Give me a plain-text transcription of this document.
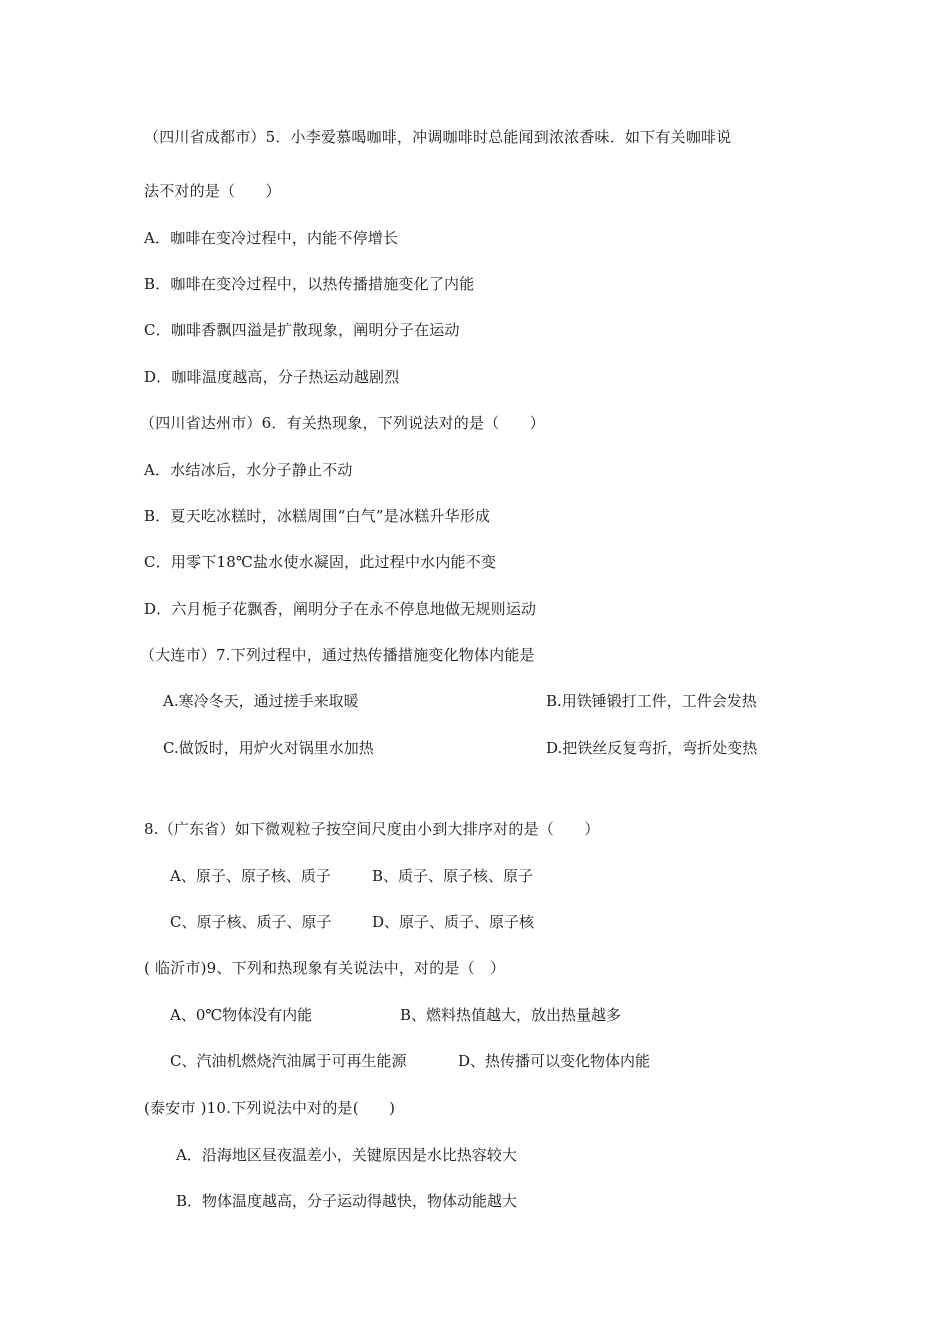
（四川省成都市）5．小李爱慕喝咖啡，冲调咖啡时总能闻到浓浓香味．如下有关咖啡说
法不对的是（　　）
A．咖啡在变冷过程中，内能不停增长
B．咖啡在变冷过程中，以热传播措施变化了内能
C．咖啡香飘四溢是扩散现象，阐明分子在运动
D．咖啡温度越高，分子热运动越剧烈
（四川省达州市）6．有关热现象，下列说法对的是（　　）
A．水结冰后，水分子静止不动
B．夏天吃冰糕时，冰糕周围“白气”是冰糕升华形成
C．用零下18℃盐水使水凝固，此过程中水内能不变
D．六月栀子花飘香，阐明分子在永不停息地做无规则运动
（大连市）7.下列过程中，通过热传播措施变化物体内能是
A.寒冷冬天，通过搓手来取暖	B.用铁锤锻打工件，工件会发热
C.做饭时，用炉火对锅里水加热	D.把铁丝反复弯折，弯折处变热
8.（广东省）如下微观粒子按空间尺度由小到大排序对的是（　　）
A、原子、原子核、质子	B、质子、原子核、原子
C、原子核、质子、原子	D、原子、质子、原子核
( 临沂市)9、下列和热现象有关说法中，对的是（　）
A、0℃物体没有内能	B、燃料热值越大，放出热量越多
C、汽油机燃烧汽油属于可再生能源	D、热传播可以变化物体内能
(泰安市 )10.下列说法中对的是(　　)
A．沿海地区昼夜温差小，关键原因是水比热容较大
B．物体温度越高，分子运动得越快，物体动能越大
